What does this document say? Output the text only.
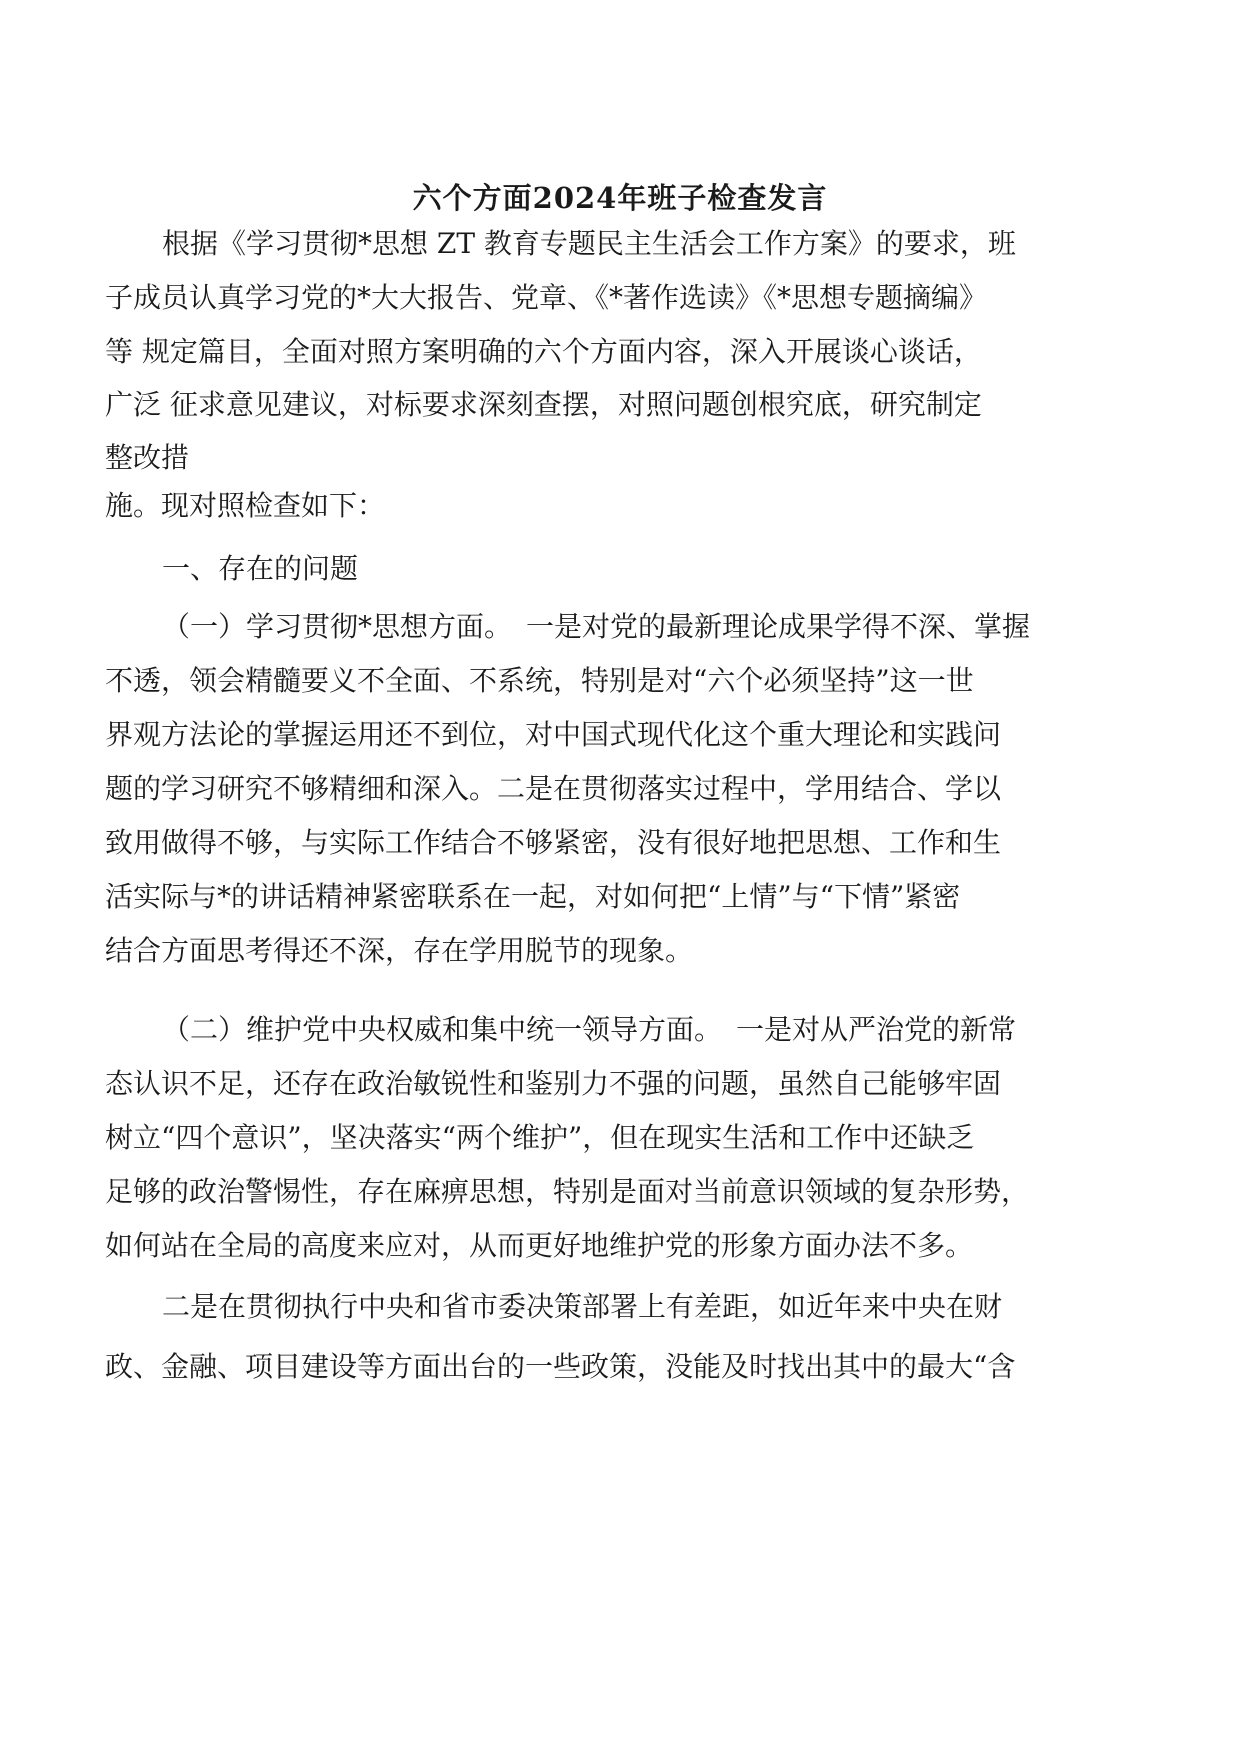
六个方面2024年班子检查发言
根据《学习贯彻*思想 ZT 教育专题民主生活会工作方案》的要求，班
子成员认真学习党的*大大报告、党章、《*著作选读》《*思想专题摘编》
等 规定篇目，全面对照方案明确的六个方面内容，深入开展谈心谈话，
广泛 征求意见建议，对标要求深刻查摆，对照问题创根究底，研究制定
整改措
施。现对照检查如下：
一、存在的问题
（一）学习贯彻*思想方面。　一是对党的最新理论成果学得不深、掌握
不透，领会精髓要义不全面、不系统，特别是对“六个必须坚持”这一世
界观方法论的掌握运用还不到位，对中国式现代化这个重大理论和实践问
题的学习研究不够精细和深入。二是在贯彻落实过程中，学用结合、学以
致用做得不够，与实际工作结合不够紧密，没有很好地把思想、工作和生
活实际与*的讲话精神紧密联系在一起，对如何把“上情”与“下情”紧密
结合方面思考得还不深，存在学用脱节的现象。
（二）维护党中央权威和集中统一领导方面。　一是对从严治党的新常
态认识不足，还存在政治敏锐性和鉴别力不强的问题，虽然自己能够牢固
树立“四个意识”，坚决落实“两个维护”，但在现实生活和工作中还缺乏
足够的政治警惕性，存在麻痹思想，特别是面对当前意识领域的复杂形势，
如何站在全局的高度来应对，从而更好地维护党的形象方面办法不多。
二是在贯彻执行中央和省市委决策部署上有差距，如近年来中央在财
政、金融、项目建设等方面出台的一些政策，没能及时找出其中的最大“含
